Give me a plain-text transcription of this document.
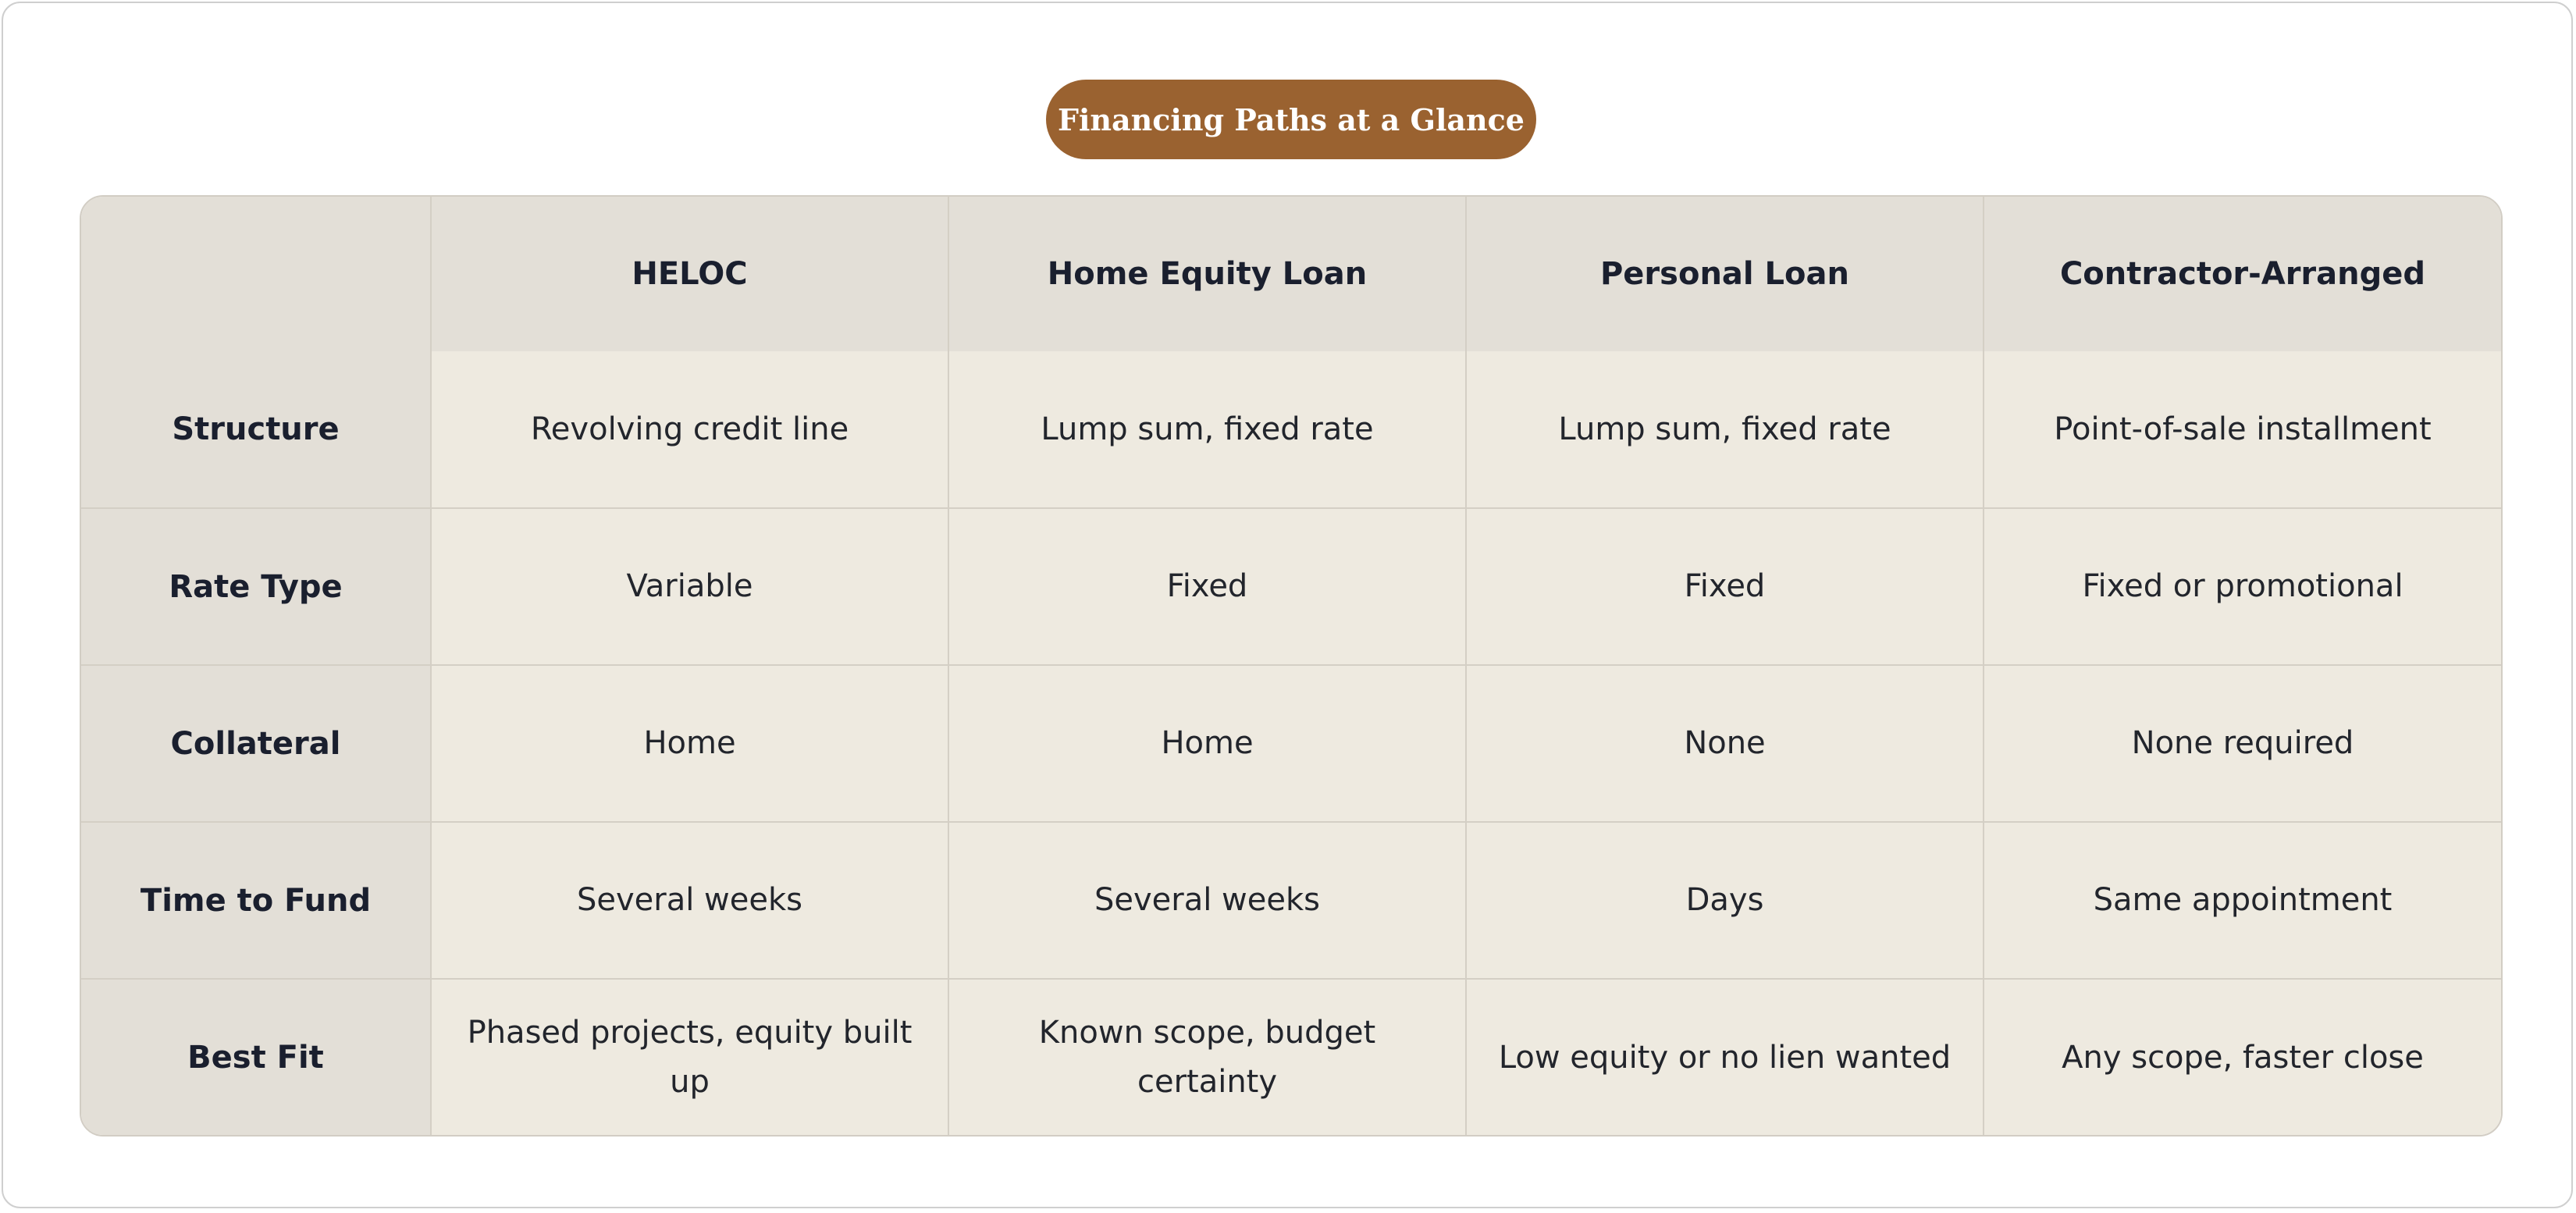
Financing Paths at a Glance
	HELOC	Home Equity Loan	Personal Loan	Contractor-Arranged
Structure	Revolving credit line	Lump sum, fixed rate	Lump sum, fixed rate	Point-of-sale installment
Rate Type	Variable	Fixed	Fixed	Fixed or promotional
Collateral	Home	Home	None	None required
Time to Fund	Several weeks	Several weeks	Days	Same appointment
Best Fit	Phased projects, equity built up	Known scope, budget certainty	Low equity or no lien wanted	Any scope, faster close
